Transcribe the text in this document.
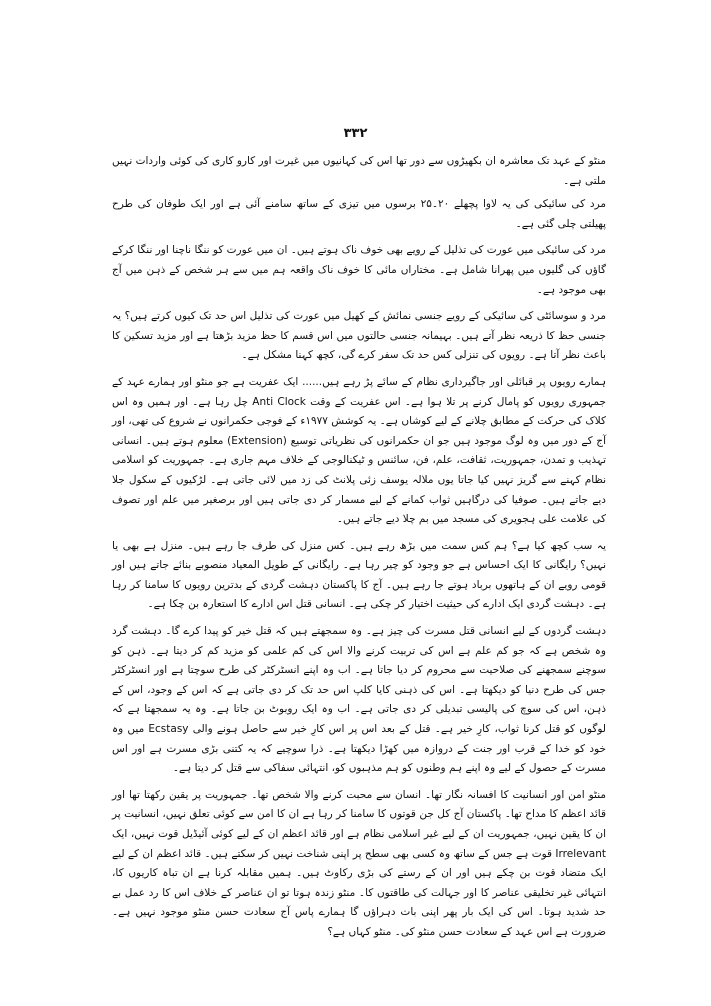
۳۳۲

منٹو کے عہد تک معاشرہ ان بکھیڑوں سے دور تھا اس کی کہانیوں میں غیرت اور کارو کاری کی کوئی واردات نہیں ملتی ہے۔

مرد کی سائیکی کی یہ لاوا پچھلے ۲۰۔۲۵ برسوں میں تیزی کے ساتھ سامنے آئی ہے اور ایک طوفان کی طرح پھیلتی چلی گئی ہے۔

مرد کی سائیکی میں عورت کی تذلیل کے رویے بھی خوف ناک ہوتے ہیں۔ ان میں عورت کو ننگا ناچنا اور ننگا کرکے گاؤں کی گلیوں میں پھرانا شامل ہے۔ مختاراں مائی کا خوف ناک واقعہ ہم میں سے ہر شخص کے ذہن میں آج بھی موجود ہے۔

مرد و سوسائٹی کی سائیکی کے رویے جنسی نمائش کے کھیل میں عورت کی تذلیل اس حد تک کیوں کرتے ہیں؟ یہ جنسی حظ کا ذریعہ نظر آتے ہیں۔ بہیمانہ جنسی حالتوں میں اس قسم کا حظ مزید بڑھتا ہے اور مزید تسکین کا باعث نظر آتا ہے۔ رویوں کی تنزلی کس حد تک سفر کرے گی، کچھ کہنا مشکل ہے۔

ہمارے رویوں پر قبائلی اور جاگیرداری نظام کے سائے پڑ رہے ہیں...... ایک عفریت ہے جو منٹو اور ہمارے عہد کے جمہوری رویوں کو پامال کرنے پر تلا ہوا ہے۔ اس عفریت کے وقت Anti Clock چل رہا ہے۔ اور ہمیں وہ اس کلاک کی حرکت کے مطابق چلانے کے لیے کوشاں ہے۔ یہ کوشش ۱۹۷۷ء کے فوجی حکمرانوں نے شروع کی تھی، اور آج کے دور میں وہ لوگ موجود ہیں جو ان حکمرانوں کی نظریاتی توسیع (Extension) معلوم ہوتے ہیں۔ انسانی تہذیب و تمدن، جمہوریت، ثقافت، علم، فن، سائنس و ٹیکنالوجی کے خلاف مہم جاری ہے۔ جمہوریت کو اسلامی نظام کہنے سے گریز نہیں کیا جاتا یوں ملالہ یوسف زئی پلانٹ کی زد میں لائی جاتی ہے۔ لڑکیوں کے سکول جلا دیے جاتے ہیں۔ صوفیا کی درگاہیں ثواب کمانے کے لیے مسمار کر دی جاتی ہیں اور برصغیر میں علم اور تصوف کی علامت علی ہجویری کی مسجد میں بم چلا دیے جاتے ہیں۔

یہ سب کچھ کیا ہے؟ ہم کس سمت میں بڑھ رہے ہیں۔ کس منزل کی طرف جا رہے ہیں۔ منزل ہے بھی یا نہیں؟ رایگانی کا ایک احساس ہے جو وجود کو چیر رہا ہے۔ رایگانی کے طویل المعیاد منصوبے بنائے جاتے ہیں اور قومی رویے ان کے ہاتھوں برباد ہوتے جا رہے ہیں۔ آج کا پاکستان دہشت گردی کے بدترین رویوں کا سامنا کر رہا ہے۔ دہشت گردی ایک ادارے کی حیثیت اختیار کر چکی ہے۔ انسانی قتل اس ادارے کا استعارہ بن چکا ہے۔

دہشت گردوں کے لیے انسانی قتل مسرت کی چیز ہے۔ وہ سمجھتے ہیں کہ قتل خیر کو پیدا کرے گا۔ دہشت گرد وہ شخص ہے کہ جو کم علم ہے اس کی تربیت کرنے والا اس کی کم علمی کو مزید کم کر دیتا ہے۔ ذہن کو سوچنے سمجھنے کی صلاحیت سے محروم کر دیا جاتا ہے۔ اب وہ اپنے انسٹرکٹر کی طرح سوچتا ہے اور انسٹرکٹر جس کی طرح دنیا کو دیکھتا ہے۔ اس کی ذہنی کایا کلپ اس حد تک کر دی جاتی ہے کہ اس کے وجود، اس کے ذہن، اس کی سوچ کی پالیسی تبدیلی کر دی جاتی ہے۔ اب وہ ایک روبوٹ بن جاتا ہے۔ وہ یہ سمجھتا ہے کہ لوگوں کو قتل کرنا ثواب، کارِ خیر ہے۔ قتل کے بعد اس پر اس کارِ خیر سے حاصل ہونے والی Ecstasy میں وہ خود کو خدا کے قرب اور جنت کے دروازہ میں کھڑا دیکھتا ہے۔ ذرا سوچیے کہ یہ کتنی بڑی مسرت ہے اور اس مسرت کے حصول کے لیے وہ اپنے ہم وطنوں کو ہم مذہبوں کو، انتہائی سفاکی سے قتل کر دیتا ہے۔

منٹو امن اور انسانیت کا افسانہ نگار تھا۔ انسان سے محبت کرنے والا شخص تھا۔ جمہوریت پر یقین رکھتا تھا اور قائد اعظم کا مداح تھا۔ پاکستان آج کل جن قوتوں کا سامنا کر رہا ہے ان کا امن سے کوئی تعلق نہیں، انسانیت پر ان کا یقین نہیں، جمہوریت ان کے لیے غیر اسلامی نظام ہے اور قائد اعظم ان کے لیے کوئی آئیڈیل قوت نہیں، ایک Irrelevant قوت ہے جس کے ساتھ وہ کسی بھی سطح پر اپنی شناخت نہیں کر سکتے ہیں۔ قائد اعظم ان کے لیے ایک متضاد قوت بن چکے ہیں اور ان کے رستے کی بڑی رکاوٹ ہیں۔ ہمیں مقابلہ کرنا ہے ان تباہ کاریوں کا، انتہائی غیر تخلیقی عناصر کا اور جہالت کی طاقتوں کا۔ منٹو زندہ ہوتا تو ان عناصر کے خلاف اس کا رد عمل بے حد شدید ہوتا۔ اس کی ایک بار پھر اپنی بات دہراؤں گا ہمارے پاس آج سعادت حسن منٹو موجود نہیں ہے۔ ضرورت ہے اس عہد کے سعادت حسن منٹو کی۔ منٹو کہاں ہے؟
